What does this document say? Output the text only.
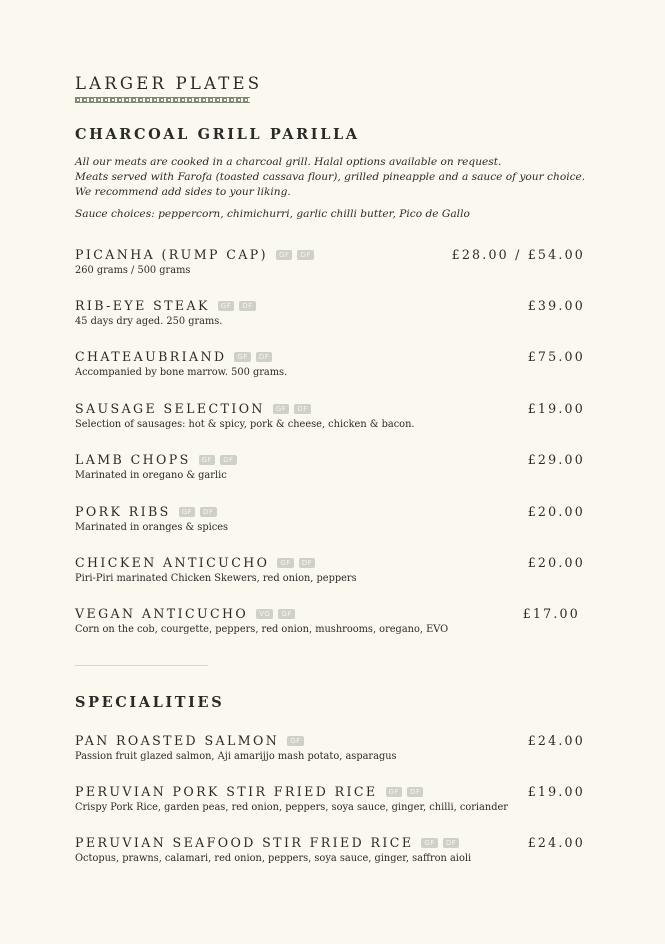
LARGER PLATES
CHARCOAL GRILL PARILLA

All our meats are cooked in a charcoal grill. Halal options available on request.

Meats served with Farofa (toasted cassava flour), grilled pineapple and a sauce of your choice.

We recommend add sides to your liking.

Sauce choices: peppercorn, chimichurri, garlic chilli butter, Pico de Gallo
PICANHA (RUMP CAP)	GF	DF	£28.00 / £54.00
260 grams / 500 grams
RIB-EYE STEAK	GF	DF	£39.00
45 days dry aged. 250 grams.
CHATEAUBRIAND	GF	DF	£75.00
Accompanied by bone marrow. 500 grams.
SAUSAGE SELECTION	GF	DF	£19.00
Selection of sausages: hot & spicy, pork & cheese, chicken & bacon.
LAMB CHOPS	GF	DF	£29.00
Marinated in oregano & garlic
PORK RIBS	GF	DF	£20.00
Marinated in oranges & spices
CHICKEN ANTICUCHO	GF	DF	£20.00
Piri-Piri marinated Chicken Skewers, red onion, peppers
VEGAN ANTICUCHO	VG	GF	£17.00
Corn on the cob, courgette, peppers, red onion, mushrooms, oregano, EVO
SPECIALITIES
PAN ROASTED SALMON	GF	£24.00
Passion fruit glazed salmon, Aji amarijjo mash potato, asparagus
PERUVIAN PORK STIR FRIED RICE	GF	DF	£19.00
Crispy Pork Rice, garden peas, red onion, peppers, soya sauce, ginger, chilli, coriander
PERUVIAN SEAFOOD STIR FRIED RICE	GF	DF	£24.00
Octopus, prawns, calamari, red onion, peppers, soya sauce, ginger, saffron aioli
